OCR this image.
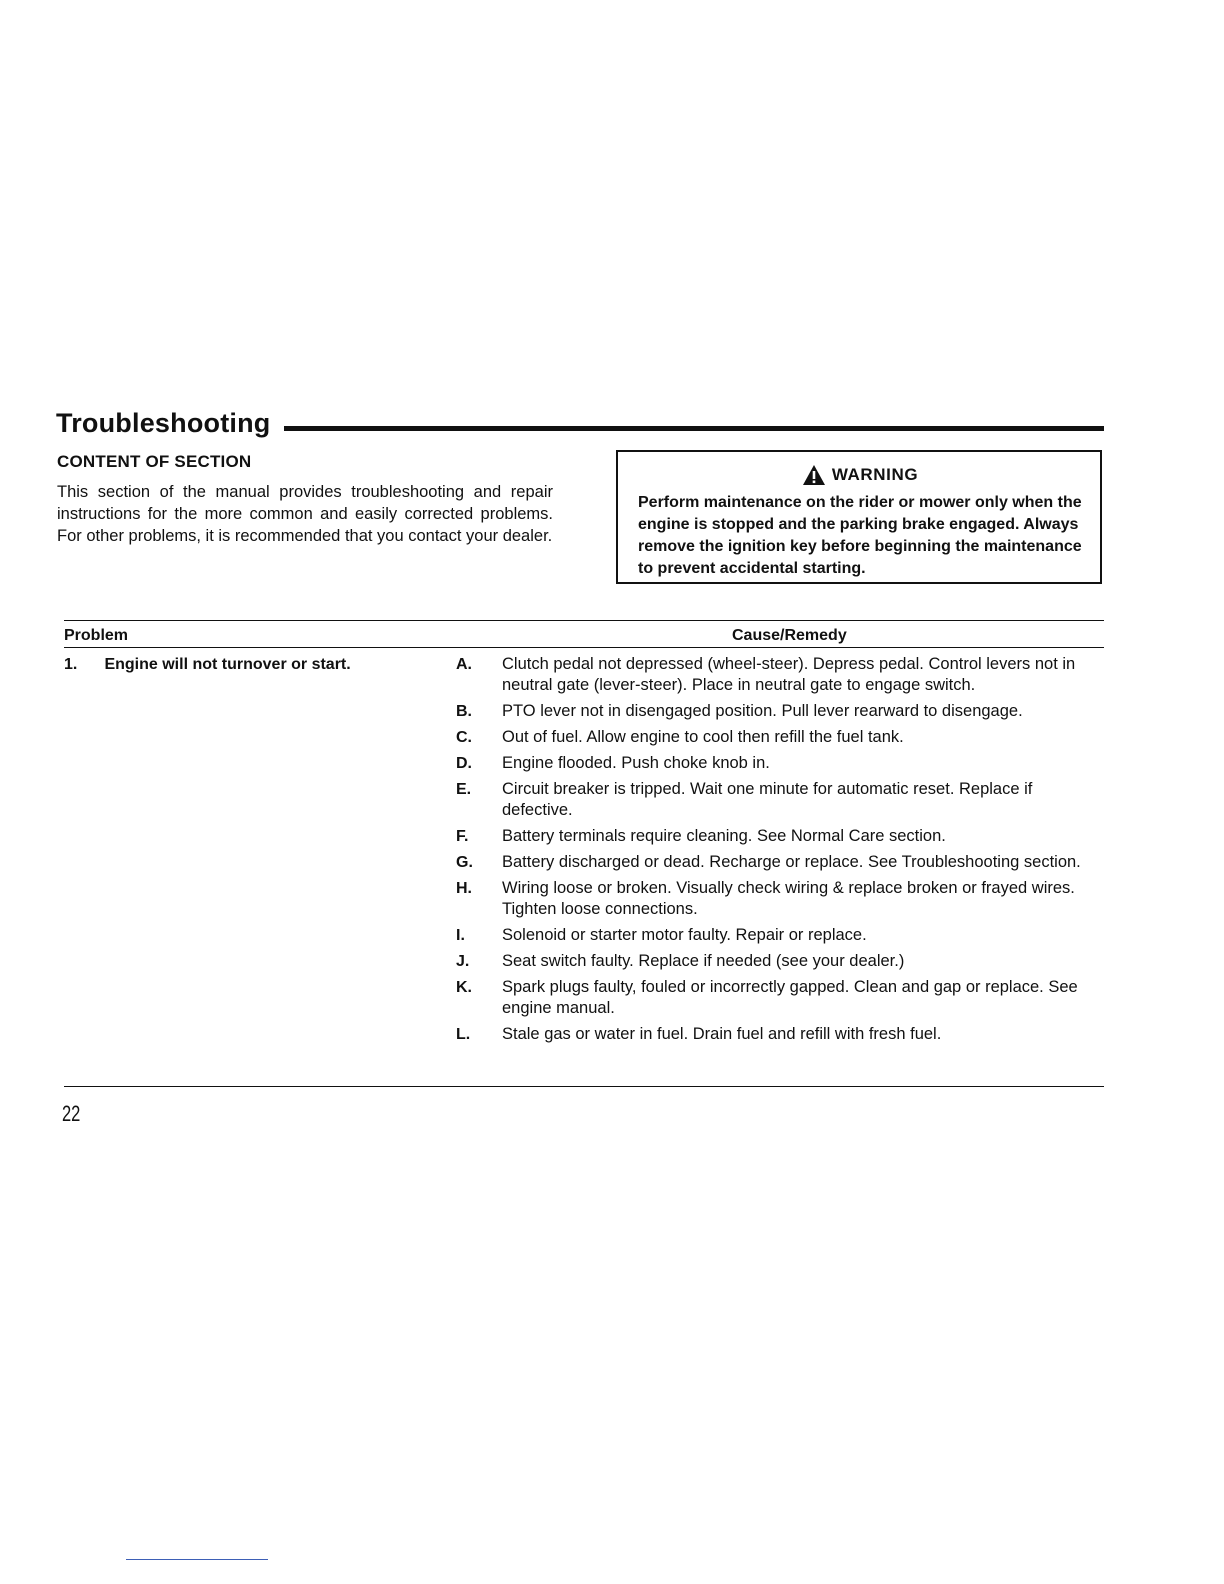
Troubleshooting
CONTENT OF SECTION

This section of the manual provides troubleshooting and repair instructions for the more common and easily corrected problems. For other problems, it is recommended that you contact your dealer.

WARNING

Perform maintenance on the rider or mower only when the engine is stopped and the parking brake engaged. Always remove the ignition key before beginning the maintenance to prevent accidental starting.

Problem	Cause/Remedy
1. Engine will not turnover or start.	A.	Clutch pedal not depressed (wheel-steer). Depress pedal. Control levers not in neutral gate (lever-steer). Place in neutral gate to engage switch.
B.	PTO lever not in disengaged position. Pull lever rearward to disengage.
C.	Out of fuel. Allow engine to cool then refill the fuel tank.
D.	Engine flooded. Push choke knob in.
E.	Circuit breaker is tripped. Wait one minute for automatic reset. Replace if defective.
F.	Battery terminals require cleaning. See Normal Care section.
G.	Battery discharged or dead. Recharge or replace. See Troubleshooting section.
H.	Wiring loose or broken. Visually check wiring & replace broken or frayed wires. Tighten loose connections.
I.	Solenoid or starter motor faulty. Repair or replace.
J.	Seat switch faulty. Replace if needed (see your dealer.)
K.	Spark plugs faulty, fouled or incorrectly gapped. Clean and gap or replace. See engine manual.
L.	Stale gas or water in fuel. Drain fuel and refill with fresh fuel.
22
